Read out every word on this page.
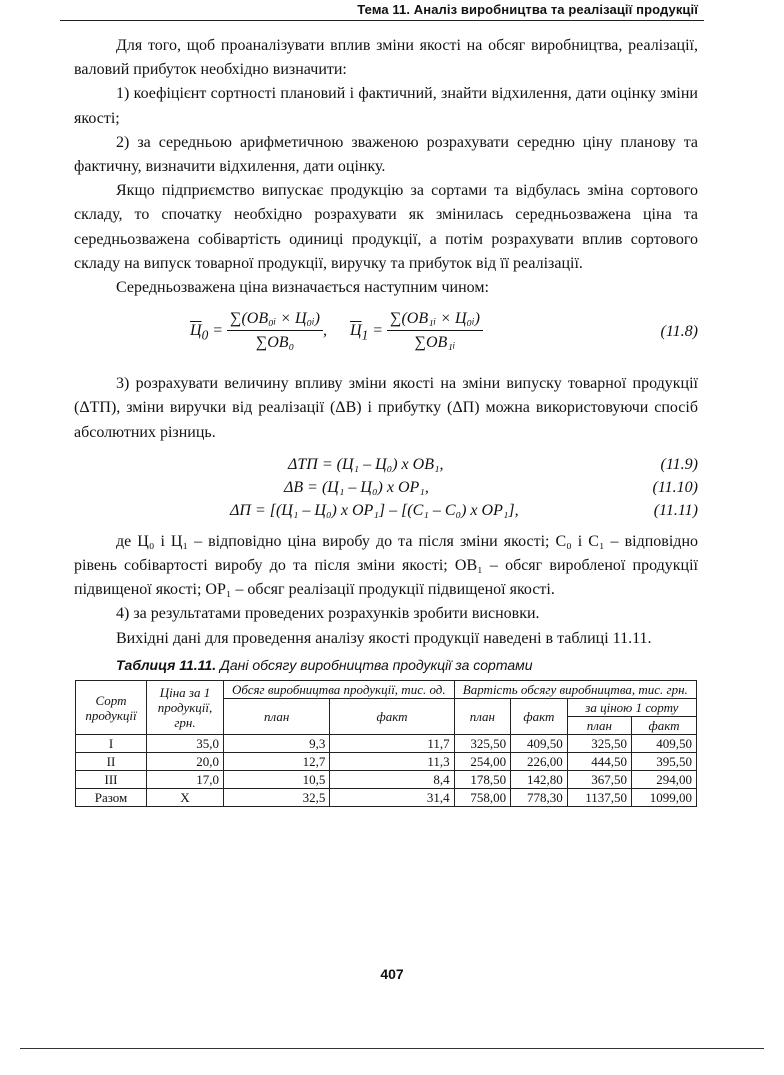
Тема 11. Аналіз виробництва та реалізації продукції

Для того, щоб проаналізувати вплив зміни якості на обсяг виробництва, реалізації, валовий прибуток необхідно визначити:

1) коефіцієнт сортності плановий і фактичний, знайти відхилення, дати оцінку зміни якості;

2) за середньою арифметичною зваженою розрахувати середню ціну планову та фактичну, визначити відхилення, дати оцінку.

Якщо підприємство випускає продукцію за сортами та відбулась зміна сортового складу, то спочатку необхідно розрахувати як змінилась середньозважена ціна та середньозважена собівартість одиниці продукції, а потім розрахувати вплив сортового складу на випуск товарної продукції, виручку та прибуток від її реалізації.

Середньозважена ціна визначається наступним чином:

$Ц_0 = \frac{\text{∑(ОВ₀ᵢ × Ц₀ᵢ)}}{\text{∑ОВ₀}}$ , $Ц_1 = \frac{\text{∑(ОВ₁ᵢ × Ц₀ᵢ)}}{\text{∑ОВ₁ᵢ}}$	(11.8)

3) розрахувати величину впливу зміни якості на зміни випуску товарної продукції (ΔТП), зміни виручки від реалізації (ΔВ) і прибутку (ΔП) можна використовуючи спосіб абсолютних різниць.

ΔТП = (Ц₁ – Ц₀) х ОВ₁,	(11.9)
ΔВ = (Ц₁ – Ц₀) х ОР₁,	(11.10)
ΔП = [(Ц₁ – Ц₀) х ОР₁] – [(С₁ – С₀) х ОР₁],	(11.11)

де Ц₀ і Ц₁ – відповідно ціна виробу до та після зміни якості; С₀ і С₁ – відповідно рівень собівартості виробу до та після зміни якості; ОВ₁ – обсяг виробленої продукції підвищеної якості; ОР₁ – обсяг реалізації продукції підвищеної якості.

4) за результатами проведених розрахунків зробити висновки.

Вихідні дані для проведення аналізу якості продукції наведені в таблиці 11.11.

Таблиця 11.11. Дані обсягу виробництва продукції за сортами
Сорт продукції	Ціна за 1 продукції, грн.	Обсяг виробництва продукції, тис. од.		Вартість обсягу виробництва, тис. грн.			
		план	факт	план	факт	за ціною 1 сорту	
						план	факт
I	35,0	9,3	11,7	325,50	409,50	325,50	409,50
II	20,0	12,7	11,3	254,00	226,00	444,50	395,50
III	17,0	10,5	8,4	178,50	142,80	367,50	294,00
Разом	Х	32,5	31,4	758,00	778,30	1137,50	1099,00
407
